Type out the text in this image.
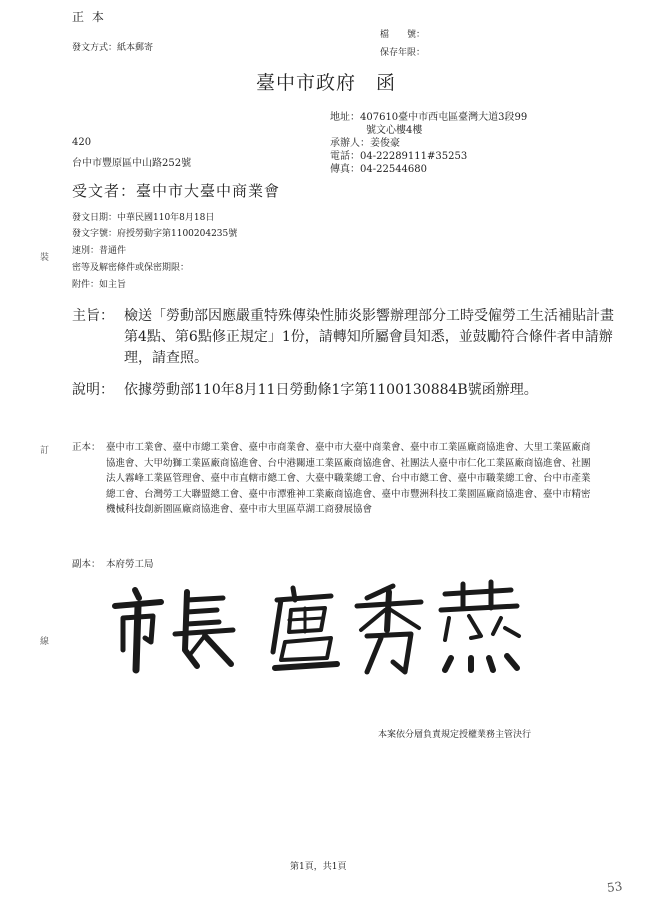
正 本
發文方式：紙本郵寄
檔　　號：
保存年限：
臺中市政府　函
地址：407610臺中市西屯區臺灣大道3段99
號文心樓4樓
承辦人：姜俊豪
電話：04-22289111#35253
傳真：04-22544680
420
台中市豐原區中山路252號
受文者：臺中市大臺中商業會
發文日期：中華民國110年8月18日
發文字號：府授勞動字第1100204235號
速別：普通件
密等及解密條件或保密期限：
附件：如主旨
裝
訂
線
主旨： 檢送「勞動部因應嚴重特殊傳染性肺炎影響辦理部分工時受僱勞工生活補貼計畫第4點、第6點修正規定」1份，請轉知所屬會員知悉，並鼓勵符合條件者申請辦理，請查照。
說明： 依據勞動部110年8月11日勞動條1字第1100130884B號函辦理。
正本： 臺中市工業會、臺中市總工業會、臺中市商業會、臺中市大臺中商業會、臺中市工業區廠商協進會、大里工業區廠商協進會、大甲幼獅工業區廠商協進會、台中港關連工業區廠商協進會、社團法人臺中市仁化工業區廠商協進會、社團法人霧峰工業區管理會、臺中市直轄市總工會、大臺中職業總工會、台中市總工會、臺中市職業總工會、台中市產業總工會、台灣勞工大聯盟總工會、臺中市潭雅神工業廠商協進會、臺中市豐洲科技工業園區廠商協進會、臺中市精密機械科技創新園區廠商協進會、臺中市大里區草湖工商發展協會
副本： 本府勞工局
本案依分層負責規定授權業務主管決行
第1頁，共1頁
53
